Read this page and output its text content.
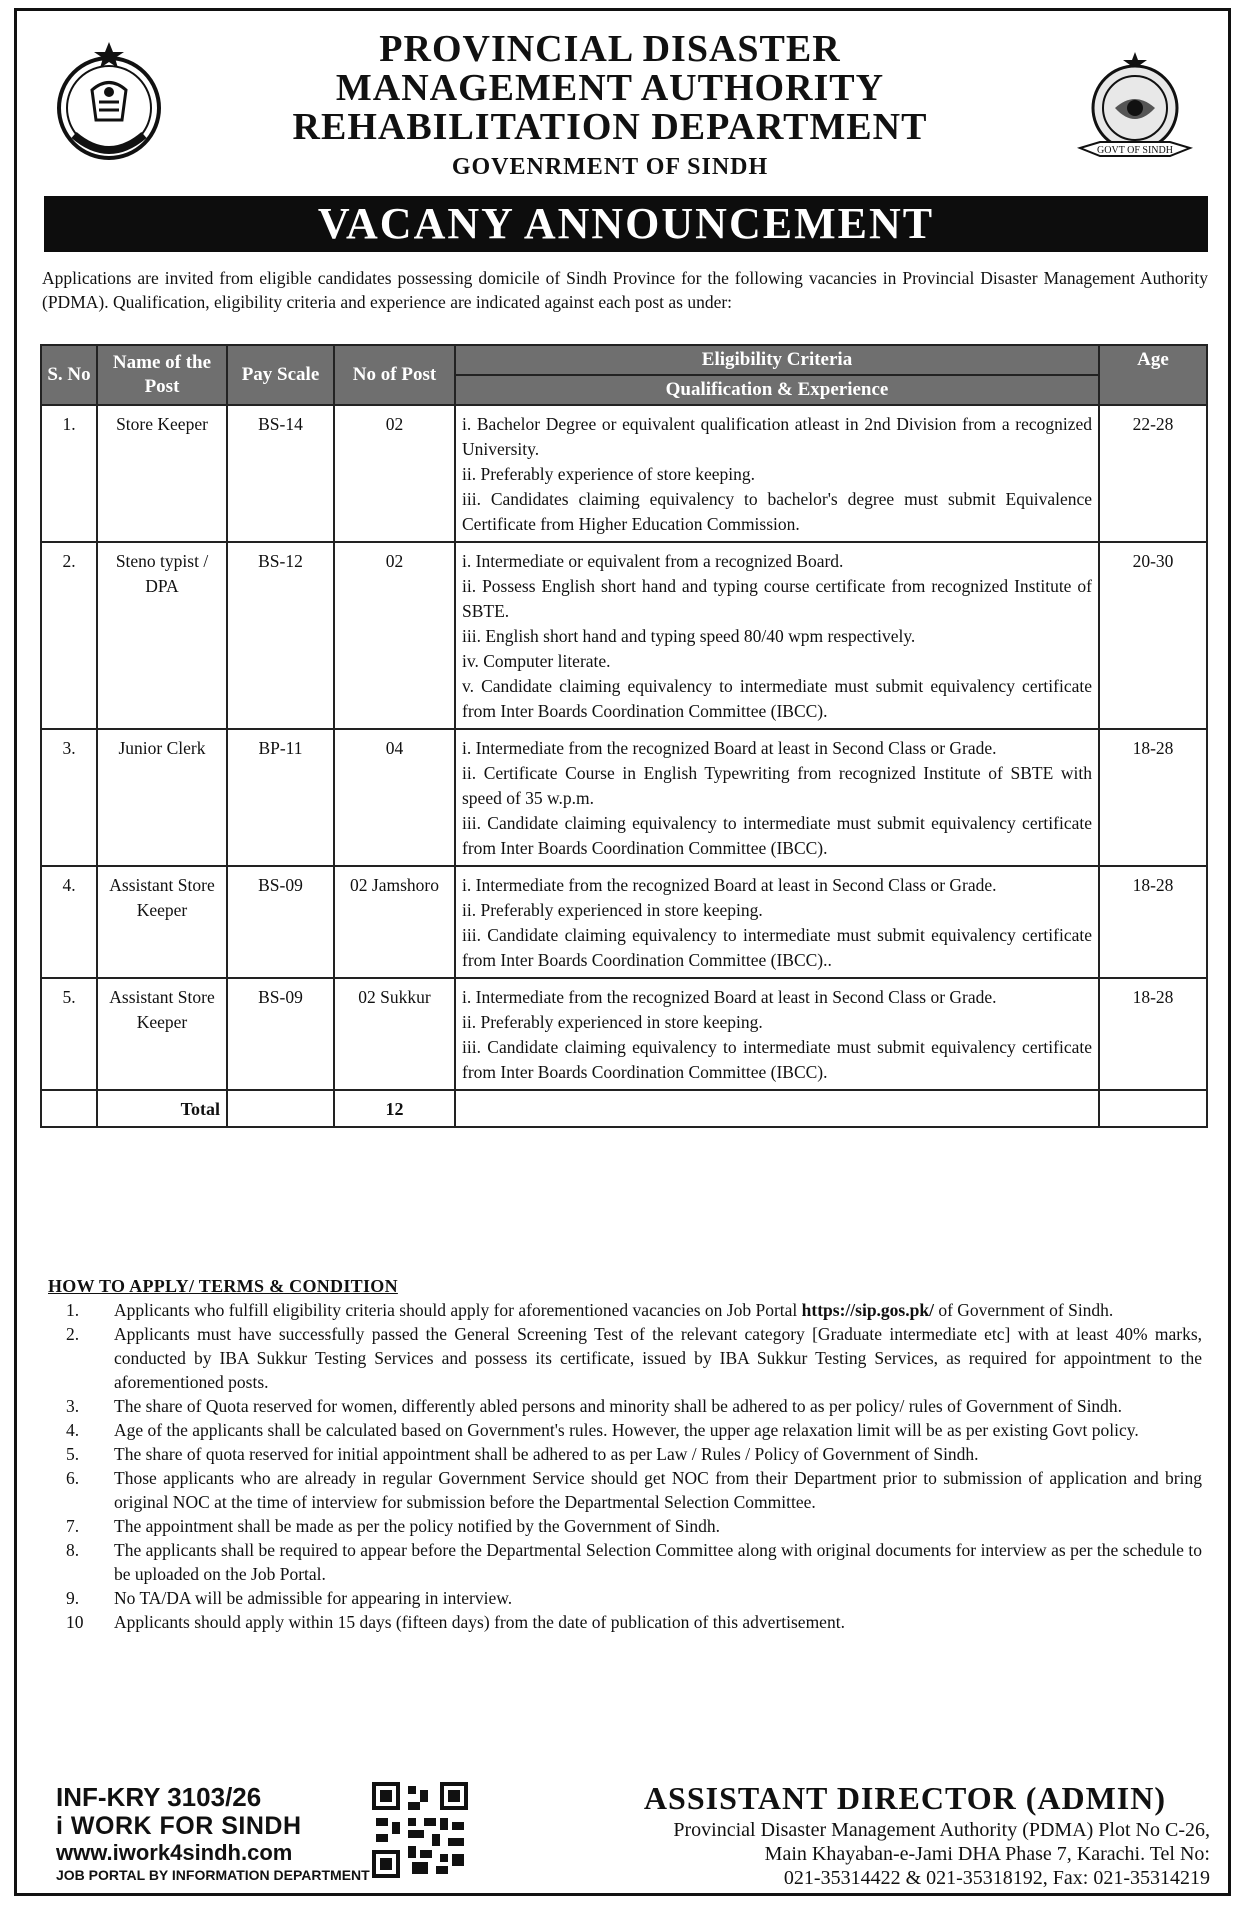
PROVINCIAL DISASTER
MANAGEMENT AUTHORITY
REHABILITATION DEPARTMENT
GOVENRMENT OF SINDH
GOVT OF SINDH
VACANY ANNOUNCEMENT
Applications are invited from eligible candidates possessing domicile of Sindh Province for the following vacancies in Provincial Disaster Management Authority (PDMA). Qualification, eligibility criteria and experience are indicated against each post as under:
S. No	Name of the Post	Pay Scale	No of Post	Eligibility Criteria	Age
				Qualification & Experience	
1.	Store Keeper	BS-14	02	i. Bachelor Degree or equivalent qualification atleast in 2nd Division from a recognized University.
ii. Preferably experience of store keeping.
iii. Candidates claiming equivalency to bachelor's degree must submit Equivalence Certificate from Higher Education Commission.	22-28
2.	Steno typist / DPA	BS-12	02	i. Intermediate or equivalent from a recognized Board.
ii. Possess English short hand and typing course certificate from recognized Institute of SBTE.
iii. English short hand and typing speed 80/40 wpm respectively.
iv. Computer literate.
v. Candidate claiming equivalency to intermediate must submit equivalency certificate from Inter Boards Coordination Committee (IBCC).	20-30
3.	Junior Clerk	BP-11	04	i. Intermediate from the recognized Board at least in Second Class or Grade.
ii. Certificate Course in English Typewriting from recognized Institute of SBTE with speed of 35 w.p.m.
iii. Candidate claiming equivalency to intermediate must submit equivalency certificate from Inter Boards Coordination Committee (IBCC).	18-28
4.	Assistant Store Keeper	BS-09	02 Jamshoro	i. Intermediate from the recognized Board at least in Second Class or Grade.
ii. Preferably experienced in store keeping.
iii. Candidate claiming equivalency to intermediate must submit equivalency certificate from Inter Boards Coordination Committee (IBCC)..	18-28
5.	Assistant Store Keeper	BS-09	02 Sukkur	i. Intermediate from the recognized Board at least in Second Class or Grade.
ii. Preferably experienced in store keeping.
iii. Candidate claiming equivalency to intermediate must submit equivalency certificate from Inter Boards Coordination Committee (IBCC).	18-28
	Total		12		
HOW TO APPLY/ TERMS & CONDITION
1.	Applicants who fulfill eligibility criteria should apply for aforementioned vacancies on Job Portal https://sip.gos.pk/ of Government of Sindh.
2.	Applicants must have successfully passed the General Screening Test of the relevant category [Graduate intermediate etc] with at least 40% marks, conducted by IBA Sukkur Testing Services and possess its certificate, issued by IBA Sukkur Testing Services, as required for appointment to the aforementioned posts.
3.	The share of Quota reserved for women, differently abled persons and minority shall be adhered to as per policy/ rules of Government of Sindh.
4.	Age of the applicants shall be calculated based on Government's rules. However, the upper age relaxation limit will be as per existing Govt policy.
5.	The share of quota reserved for initial appointment shall be adhered to as per Law / Rules / Policy of Government of Sindh.
6.	Those applicants who are already in regular Government Service should get NOC from their Department prior to submission of application and bring original NOC at the time of interview for submission before the Departmental Selection Committee.
7.	The appointment shall be made as per the policy notified by the Government of Sindh.
8.	The applicants shall be required to appear before the Departmental Selection Committee along with original documents for interview as per the schedule to be uploaded on the Job Portal.
9.	No TA/DA will be admissible for appearing in interview.
10	Applicants should apply within 15 days (fifteen days) from the date of publication of this advertisement.
INF-KRY 3103/26
i WORK FOR SINDH
www.iwork4sindh.com
JOB PORTAL BY INFORMATION DEPARTMENT
ASSISTANT DIRECTOR (ADMIN)
Provincial Disaster Management Authority (PDMA) Plot No C-26,
Main Khayaban-e-Jami DHA Phase 7, Karachi. Tel No:
021-35314422 & 021-35318192, Fax: 021-35314219
